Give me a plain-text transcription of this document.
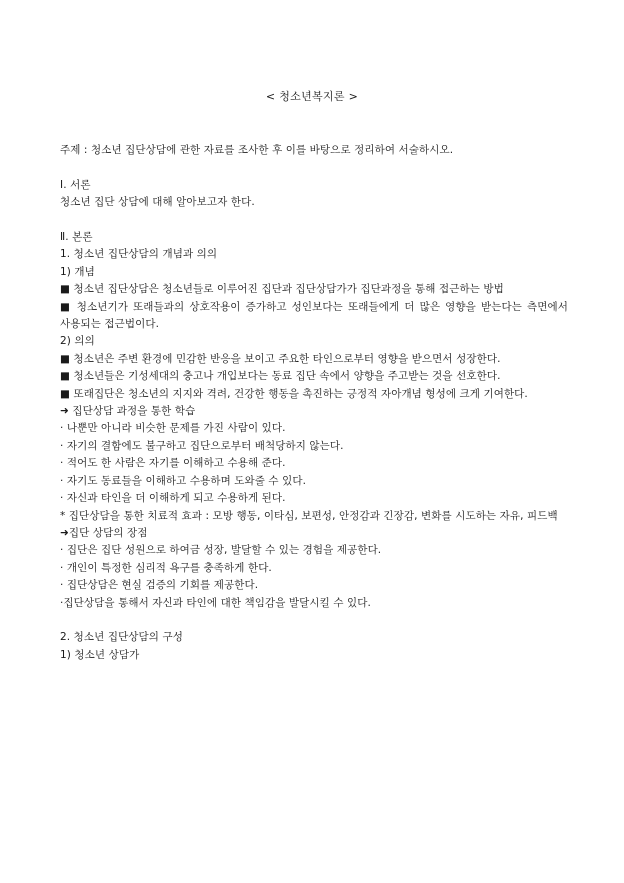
< 청소년복지론 >
주제 : 청소년 집단상담에 관한 자료를 조사한 후 이를 바탕으로 정리하여 서술하시오.
Ⅰ. 서론
청소년 집단 상담에 대해 알아보고자 한다.
Ⅱ. 본론
1. 청소년 집단상담의 개념과 의의
1) 개념
■ 청소년 집단상담은 청소년들로 이루어진 집단과 집단상담가가 집단과정을 통해 접근하는 방법
■ 청소년기가 또래들과의 상호작용이 증가하고 성인보다는 또래들에게 더 많은 영향을 받는다는 측면에서 사용되는 접근법이다.
2) 의의
■ 청소년은 주변 환경에 민감한 반응을 보이고 주요한 타인으로부터 영향을 받으면서 성장한다.
■ 청소년들은 기성세대의 충고나 개입보다는 동료 집단 속에서 양향을 주고받는 것을 선호한다.
■ 또래집단은 청소년의 지지와 격려, 건강한 행동을 촉진하는 긍정적 자아개념 형성에 크게 기여한다.
➜ 집단상담 과정을 통한 학습
· 나뿐만 아니라 비슷한 문제를 가진 사람이 있다.
· 자기의 결함에도 불구하고 집단으로부터 배척당하지 않는다.
· 적어도 한 사람은 자기를 이해하고 수용해 준다.
· 자기도 동료들을 이해하고 수용하며 도와줄 수 있다.
· 자신과 타인을 더 이해하게 되고 수용하게 된다.
* 집단상담을 통한 치료적 효과 : 모방 행동, 이타심, 보편성, 안정감과 긴장감, 변화를 시도하는 자유, 피드백
➜집단 상담의 장점
· 집단은 집단 성원으로 하여금 성장, 발달할 수 있는 경험을 제공한다.
· 개인이 특정한 심리적 욕구를 충족하게 한다.
· 집단상담은 현실 검증의 기회를 제공한다.
·집단상담을 통해서 자신과 타인에 대한 책임감을 발달시킬 수 있다.
2. 청소년 집단상담의 구성
1) 청소년 상담가
